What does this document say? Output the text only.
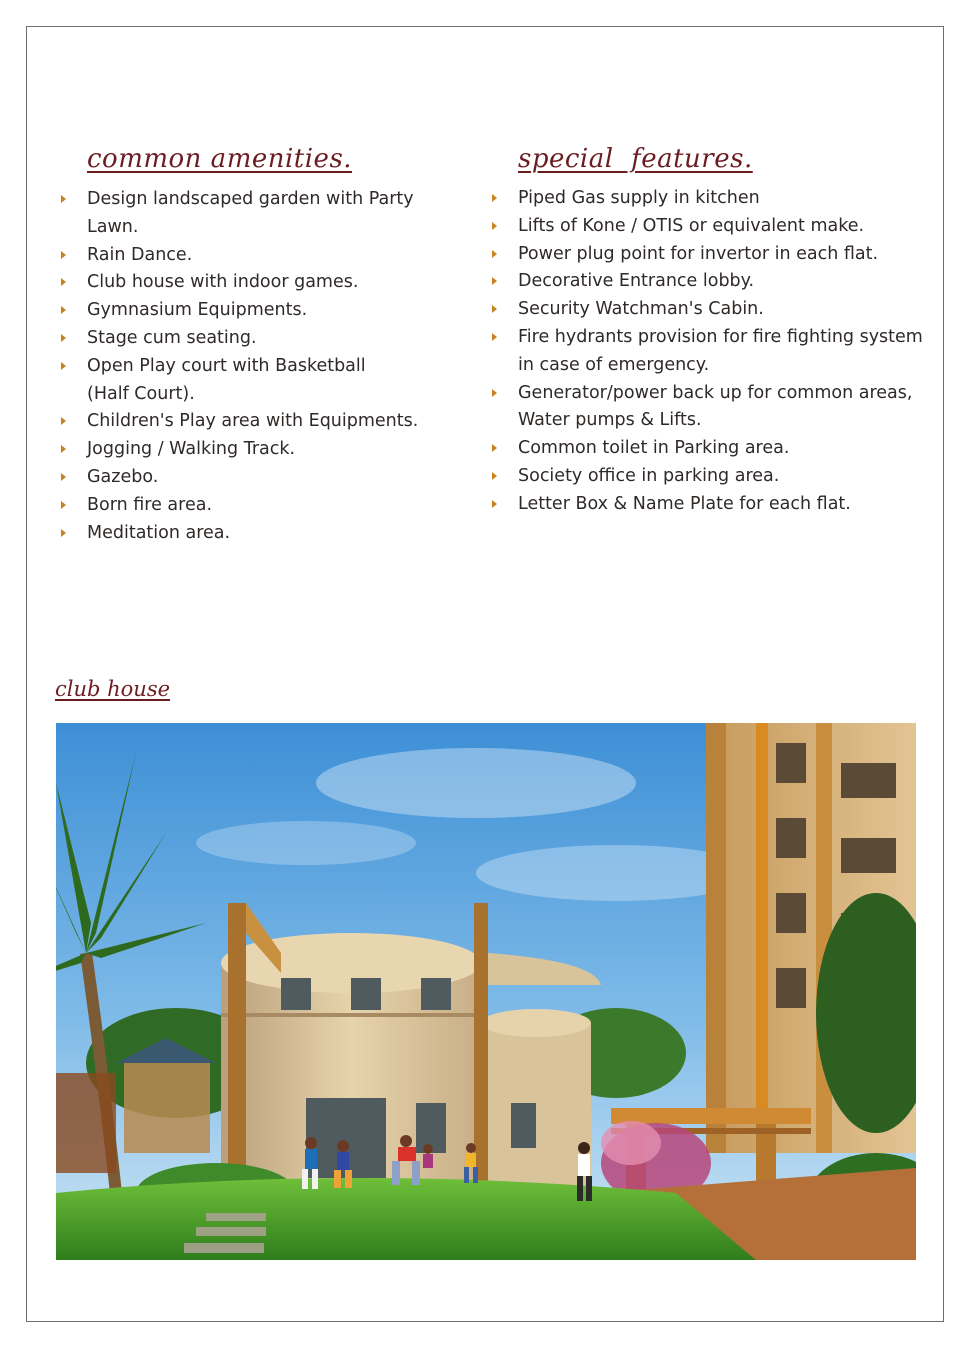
common amenities.
Design landscaped garden with Party Lawn.
Rain Dance.
Club house with indoor games.
Gymnasium Equipments.
Stage cum seating.
Open Play court with Basketball (Half Court).
Children's Play area with Equipments.
Jogging / Walking Track.
Gazebo.
Born fire area.
Meditation area.
special  features.
Piped Gas supply in kitchen
Lifts of Kone / OTIS or equivalent make.
Power plug point for invertor in each flat.
Decorative Entrance lobby.
Security Watchman's Cabin.
Fire hydrants provision for fire fighting system in case of emergency.
Generator/power back up for common areas, Water pumps & Lifts.
Common toilet in Parking area.
Society office in parking area.
Letter Box & Name Plate for each flat.
club house
